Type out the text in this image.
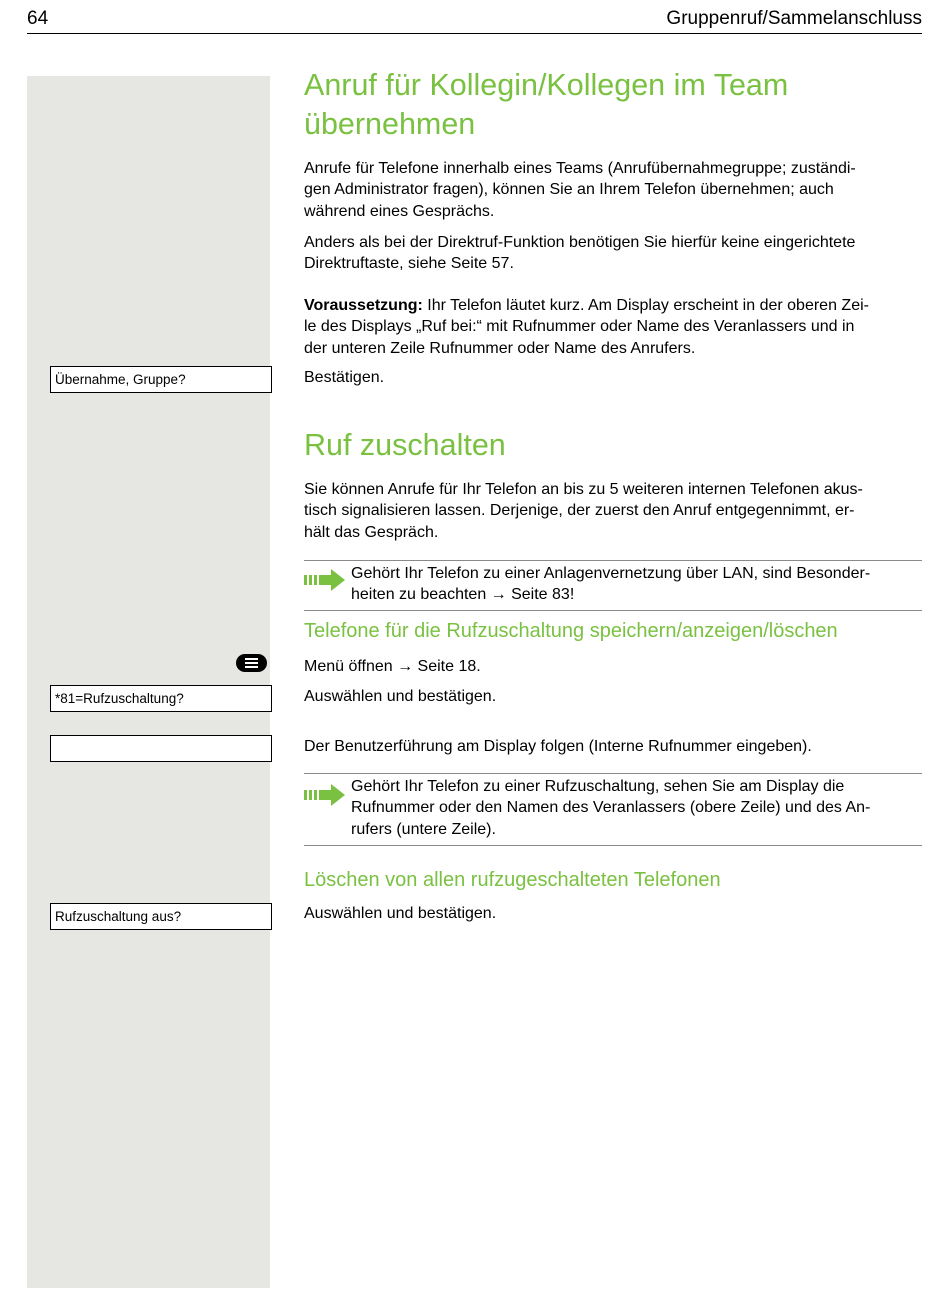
64	Gruppenruf/Sammelanschluss
Anruf für Kollegin/Kollegen im Team
übernehmen
Anrufe für Telefone innerhalb eines Teams (Anrufübernahmegruppe; zuständi-
gen Administrator fragen), können Sie an Ihrem Telefon übernehmen; auch
während eines Gesprächs.
Anders als bei der Direktruf-Funktion benötigen Sie hierfür keine eingerichtete
Direktruftaste, siehe Seite 57.
Voraussetzung: Ihr Telefon läutet kurz. Am Display erscheint in der oberen Zei-
le des Displays „Ruf bei:“ mit Rufnummer oder Name des Veranlassers und in
der unteren Zeile Rufnummer oder Name des Anrufers.
Übernahme, Gruppe?	Bestätigen.
Ruf zuschalten
Sie können Anrufe für Ihr Telefon an bis zu 5 weiteren internen Telefonen akus-
tisch signalisieren lassen. Derjenige, der zuerst den Anruf entgegennimmt, er-
hält das Gespräch.
Gehört Ihr Telefon zu einer Anlagenvernetzung über LAN, sind Besonder-
heiten zu beachten → Seite 83!
Telefone für die Rufzuschaltung speichern/anzeigen/löschen
Menü öffnen → Seite 18.
*81=Rufzuschaltung?	Auswählen und bestätigen.
Der Benutzerführung am Display folgen (Interne Rufnummer eingeben).
Gehört Ihr Telefon zu einer Rufzuschaltung, sehen Sie am Display die
Rufnummer oder den Namen des Veranlassers (obere Zeile) und des An-
rufers (untere Zeile).
Löschen von allen rufzugeschalteten Telefonen
Rufzuschaltung aus?	Auswählen und bestätigen.
